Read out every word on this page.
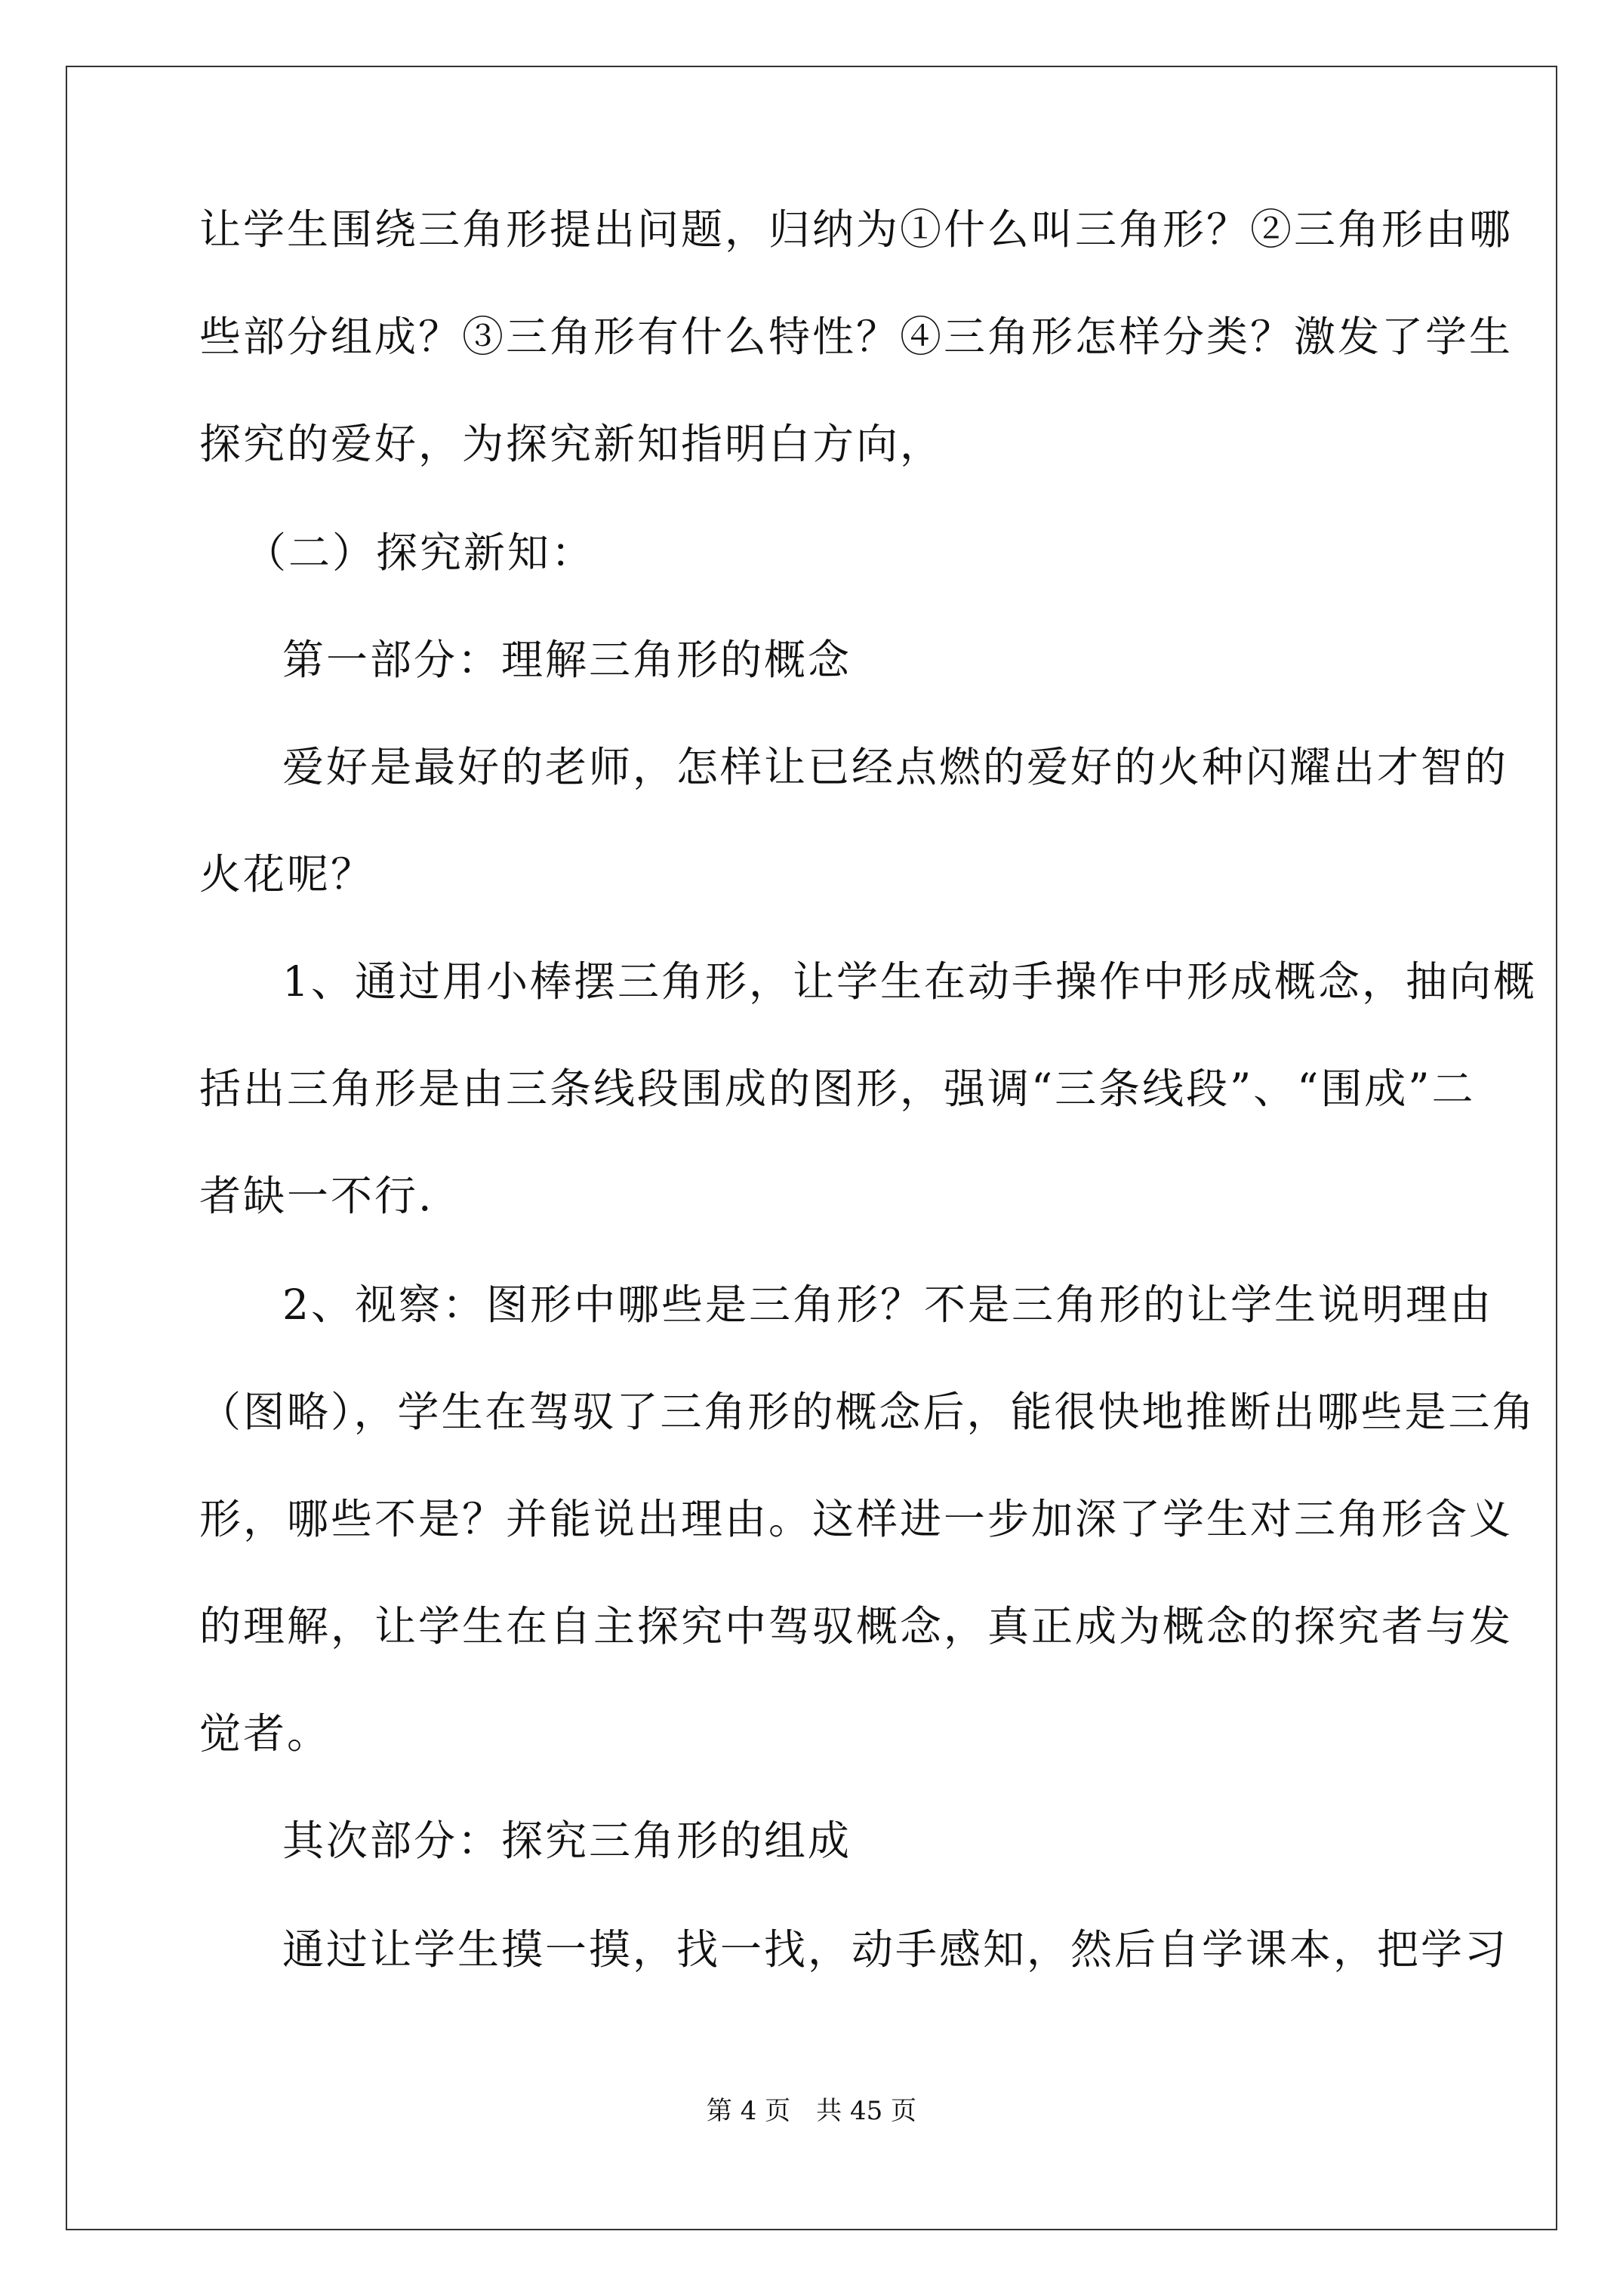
让学生围绕三角形提出问题，归纳为①什么叫三角形？②三角形由哪
些部分组成？③三角形有什么特性？④三角形怎样分类？激发了学生
探究的爱好，为探究新知指明白方向，
（二）探究新知：
第一部分：理解三角形的概念
爱好是最好的老师，怎样让已经点燃的爱好的火种闪耀出才智的
火花呢？
1、通过用小棒摆三角形，让学生在动手操作中形成概念，抽向概
括出三角形是由三条线段围成的图形，强调“三条线段”、“围成”二
者缺一不行.
2、视察：图形中哪些是三角形？不是三角形的让学生说明理由
（图略），学生在驾驭了三角形的概念后，能很快地推断出哪些是三角
形，哪些不是？并能说出理由。这样进一步加深了学生对三角形含义
的理解，让学生在自主探究中驾驭概念，真正成为概念的探究者与发
觉者。
其次部分：探究三角形的组成
通过让学生摸一摸，找一找，动手感知，然后自学课本，把学习
第 4 页　共 45 页
